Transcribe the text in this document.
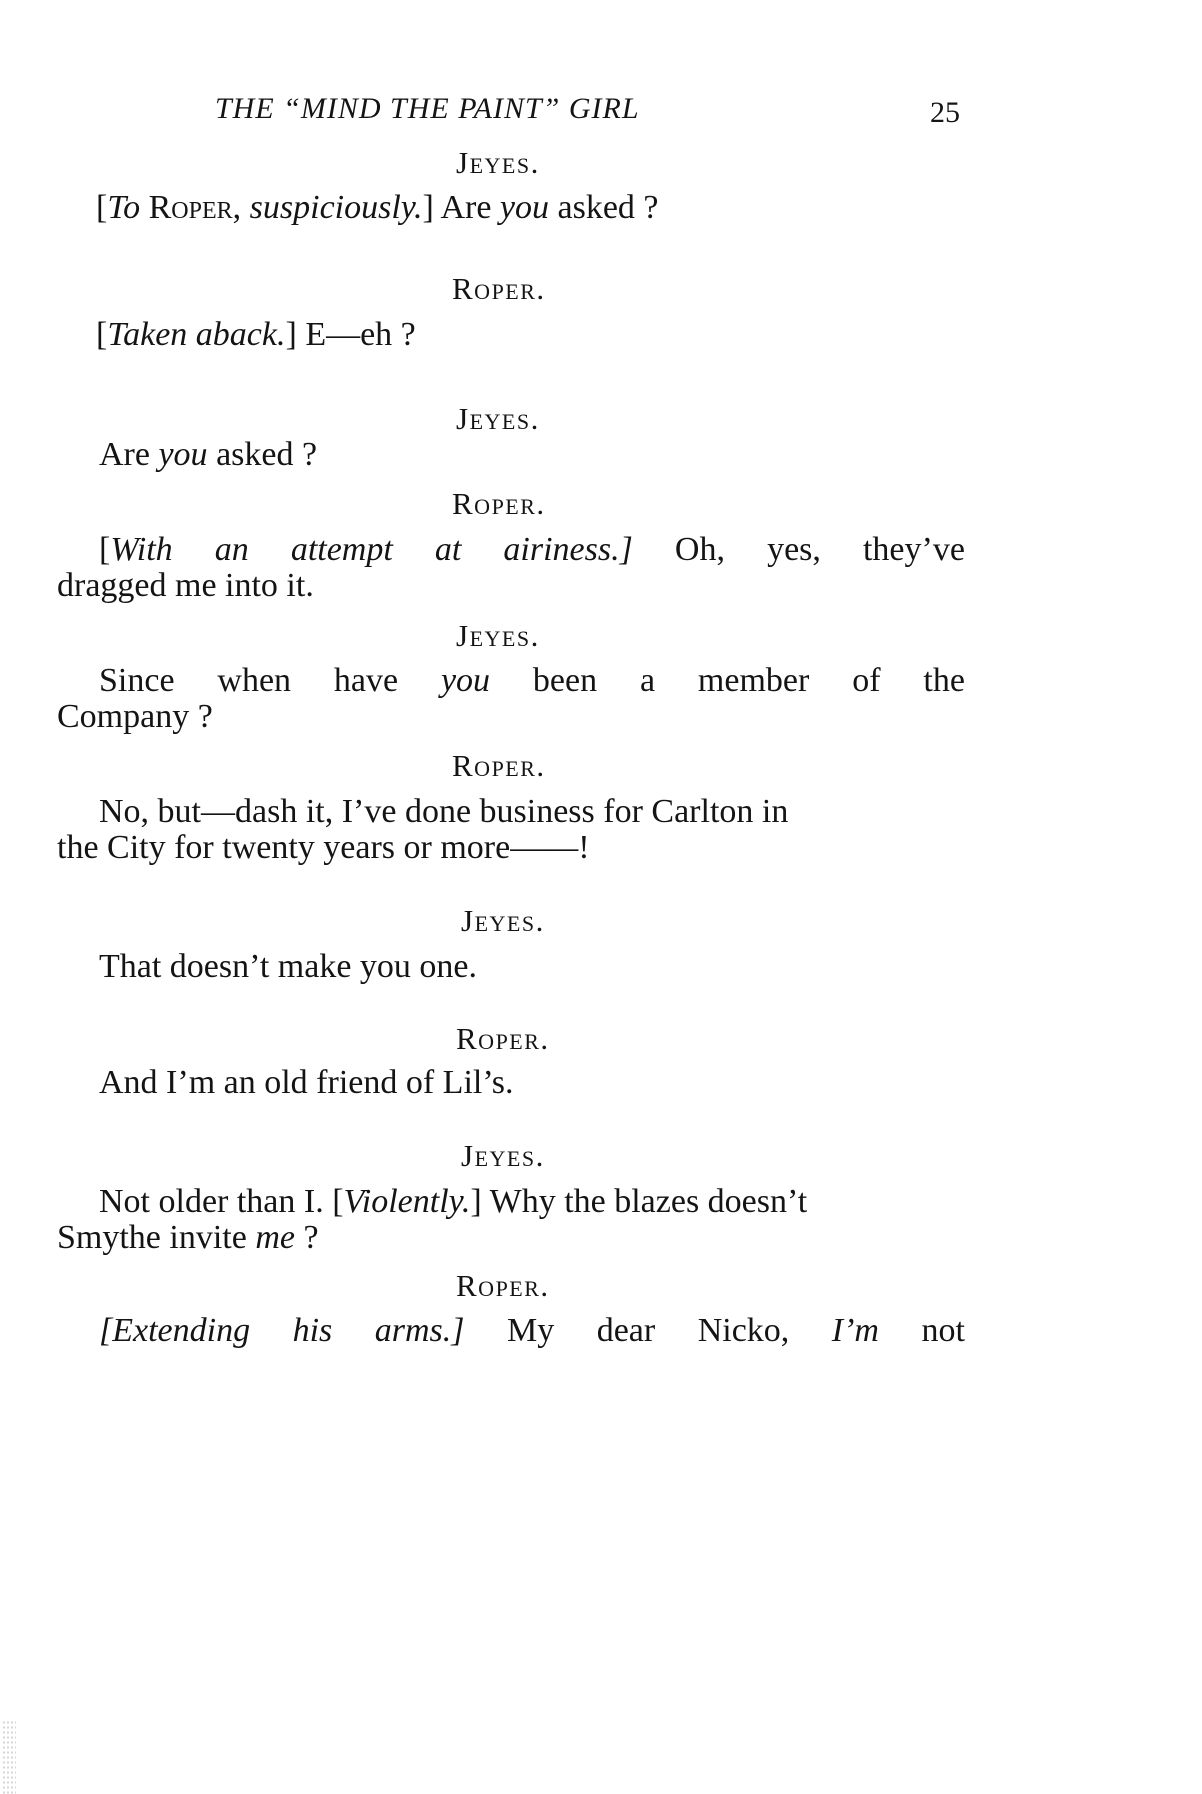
THE “MIND THE PAINT” GIRL	25
Jeyes.
[To Roper, suspiciously.] Are you asked ?
Roper.
[Taken aback.] E—eh ?
Jeyes.
Are you asked ?
Roper.
[With an attempt at airiness.] Oh, yes, they’ve
dragged me into it.
Jeyes.
Since when have you been a member of the
Company ?
Roper.
No, but—dash it, I’ve done business for Carlton in
the City for twenty years or more——!
Jeyes.
That doesn’t make you one.
Roper.
And I’m an old friend of Lil’s.
Jeyes.
Not older than I. [Violently.] Why the blazes doesn’t
Smythe invite me ?
Roper.
[Extending his arms.] My dear Nicko, I’m not
